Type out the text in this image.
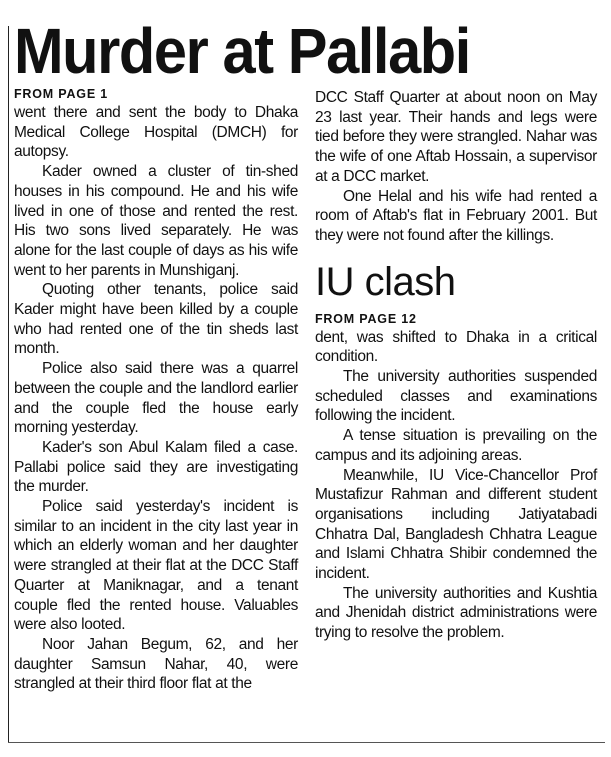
Murder at Pallabi
FROM PAGE 1
went there and sent the body to Dhaka Medical College Hospital (DMCH) for autopsy.
Kader owned a cluster of tin-shed houses in his compound. He and his wife lived in one of those and rented the rest. His two sons lived separately. He was alone for the last couple of days as his wife went to her parents in Munshiganj.
Quoting other tenants, police said Kader might have been killed by a couple who had rented one of the tin sheds last month.
Police also said there was a quarrel between the couple and the landlord earlier and the couple fled the house early morning yesterday.
Kader's son Abul Kalam filed a case. Pallabi police said they are investigating the murder.
Police said yesterday's incident is similar to an incident in the city last year in which an elderly woman and her daughter were strangled at their flat at the DCC Staff Quarter at Maniknagar, and a tenant couple fled the rented house. Valuables were also looted.
Noor Jahan Begum, 62, and her daughter Samsun Nahar, 40, were strangled at their third floor flat at the
DCC Staff Quarter at about noon on May 23 last year. Their hands and legs were tied before they were strangled. Nahar was the wife of one Aftab Hossain, a supervisor at a DCC market.
One Helal and his wife had rented a room of Aftab's flat in February 2001. But they were not found after the killings.
IU clash
FROM PAGE 12
dent, was shifted to Dhaka in a critical condition.
The university authorities suspended scheduled classes and examinations following the incident.
A tense situation is prevailing on the campus and its adjoining areas.
Meanwhile, IU Vice-Chancellor Prof Mustafizur Rahman and different student organisations including Jatiyatabadi Chhatra Dal, Bangladesh Chhatra League and Islami Chhatra Shibir condemned the incident.
The university authorities and Kushtia and Jhenidah district administrations were trying to resolve the problem.
